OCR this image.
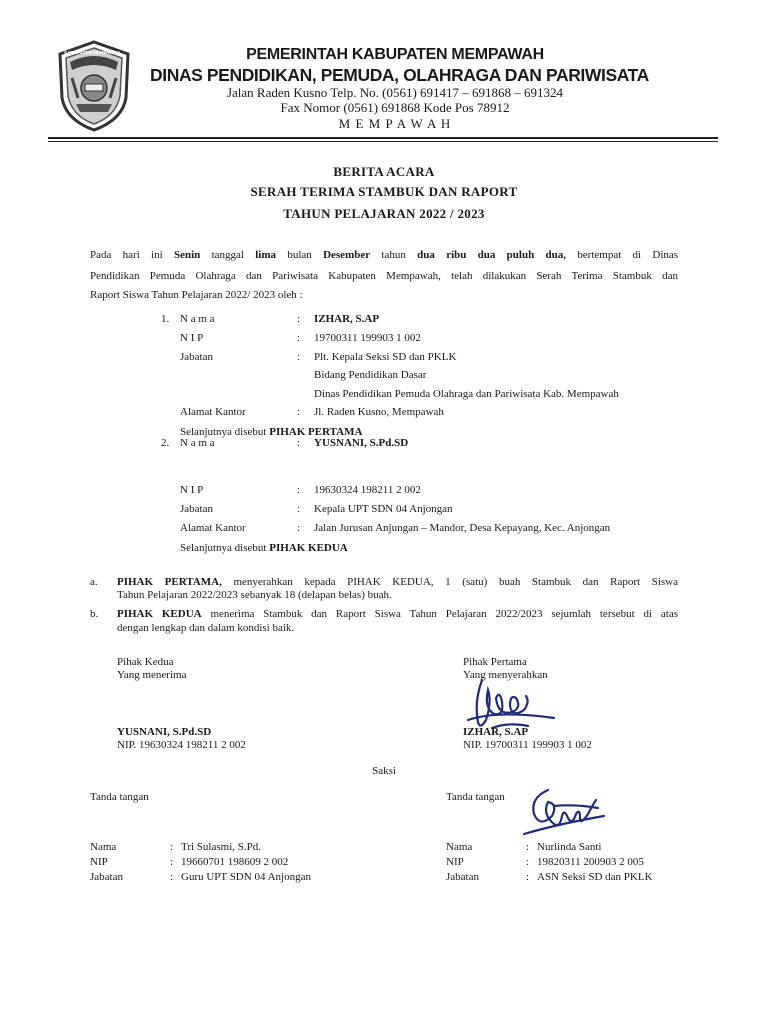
KABUPATEN MEMPAWAH	PEMERINTAH KABUPATEN MEMPAWAH
DINAS PENDIDIKAN, PEMUDA, OLAHRAGA DAN PARIWISATA
Jalan Raden Kusno Telp. No. (0561) 691417 – 691868 – 691324
Fax Nomor (0561) 691868 Kode Pos 78912
M E M P A W A H
BERITA ACARA
SERAH TERIMA STAMBUK DAN RAPORT
TAHUN PELAJARAN 2022 / 2023
Pada hari ini Senin tanggal lima bulan Desember tahun dua ribu dua puluh dua, bertempat di Dinas
Pendidikan Pemuda Olahraga dan Pariwisata Kabupaten Mempawah, telah dilakukan Serah Terima Stambuk dan
Raport Siswa Tahun Pelajaran 2022/ 2023 oleh :
1. N a m a	: IZHAR, S.AP
N I P	: 19700311 199903 1 002
Jabatan	: Plt. Kepala Seksi SD dan PKLK
Bidang Pendidikan Dasar
Dinas Pendidikan Pemuda Olahraga dan Pariwisata Kab. Mempawah
Alamat Kantor	: Jl. Raden Kusno, Mempawah
Selanjutnya disebut PIHAK PERTAMA
2. N a m a	: YUSNANI, S.Pd.SD
N I P	: 19630324 198211 2 002
Jabatan	: Kepala UPT SDN 04 Anjongan
Alamat Kantor	: Jalan Jurusan Anjungan – Mandor, Desa Kepayang, Kec. Anjongan
Selanjutnya disebut PIHAK KEDUA
a. PIHAK PERTAMA, menyerahkan kepada PIHAK KEDUA, 1 (satu) buah Stambuk dan Raport Siswa
Tahun Pelajaran 2022/2023 sebanyak 18 (delapan belas) buah.
b. PIHAK KEDUA menerima Stambuk dan Raport Siswa Tahun Pelajaran 2022/2023 sejumlah tersebut di atas
dengan lengkap dan dalam kondisi baik.
Pihak Kedua
Yang menerima
YUSNANI, S.Pd.SD
NIP. 19630324 198211 2 002
Pihak Pertama
Yang menyerahkan
IZHAR, S.AP
NIP. 19700311 199903 1 002
Saksi
Tanda tangan	Tanda tangan
Nama	: Tri Sulasmi, S.Pd.
NIP	: 19660701 198609 2 002
Jabatan	: Guru UPT SDN 04 Anjongan
Nama	: Nurlinda Santi
NIP	: 19820311 200903 2 005
Jabatan	: ASN Seksi SD dan PKLK
